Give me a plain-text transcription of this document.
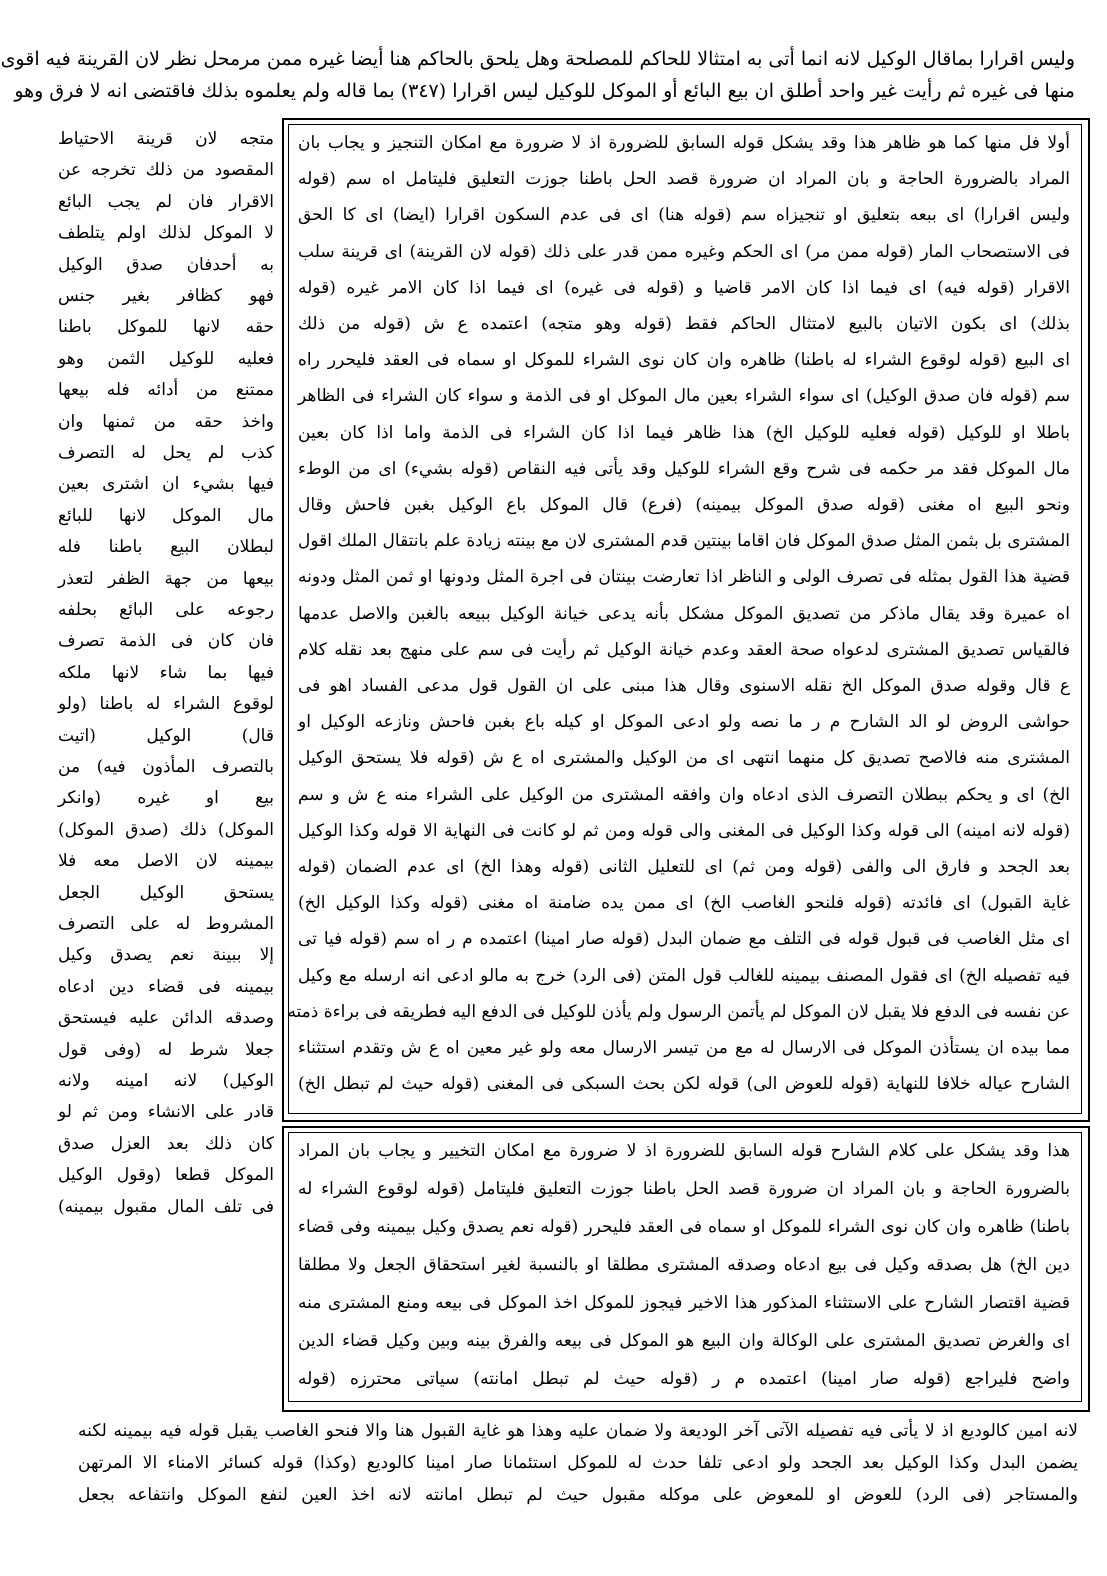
وليس اقرارا بماقال الوكيل لانه انما أتى به امتثالا للحاكم للمصلحة وهل يلحق بالحاكم هنا أيضا غيره ممن مرمحل نظر لان القرينة فيه اقوى
منها فى غيره ثم رأيت غير واحد أطلق ان بيع البائع أو الموكل للوكيل ليس اقرارا (٣٤٧) بما قاله ولم يعلموه بذلك فاقتضى انه لا فرق وهو
أولا فل منها كما هو ظاهر هذا وقد يشكل قوله السابق للضرورة اذ لا ضرورة مع امكان التنجيز و يجاب بان
المراد بالضرورة الحاجة و بان المراد ان ضرورة قصد الحل باطنا جوزت التعليق فليتامل اه سم (قوله
وليس اقرارا) اى ببعه بتعليق او تنجيزاه سم (قوله هنا) اى فى عدم السكون اقرارا (ايضا) اى كا الحق
فى الاستصحاب المار (قوله ممن مر) اى الحكم وغيره ممن قدر على ذلك (قوله لان القرينة) اى قرينة سلب
الاقرار (قوله فيه) اى فيما اذا كان الامر قاضيا و (قوله فى غيره) اى فيما اذا كان الامر غيره (قوله
بذلك) اى بكون الاتيان بالبيع لامتثال الحاكم فقط (قوله وهو متجه) اعتمده ع ش (قوله من ذلك
اى البيع (قوله لوقوع الشراء له باطنا) ظاهره وان كان نوى الشراء للموكل او سماه فى العقد فليحرر راه
سم (قوله فان صدق الوكيل) اى سواء الشراء بعين مال الموكل او فى الذمة و سواء كان الشراء فى الظاهر
باطلا او للوكيل (قوله فعليه للوكيل الخ) هذا ظاهر فيما اذا كان الشراء فى الذمة واما اذا كان بعين
مال الموكل فقد مر حكمه فى شرح وقع الشراء للوكيل وقد يأتى فيه النقاص (قوله بشيء) اى من الوطء
ونحو البيع اه مغنى (قوله صدق الموكل بيمينه) (فرع) قال الموكل باع الوكيل بغبن فاحش وقال
المشترى بل بثمن المثل صدق الموكل فان اقاما بينتين قدم المشترى لان مع بينته زيادة علم بانتقال الملك اقول
قضية هذا القول بمثله فى تصرف الولى و الناظر اذا تعارضت بينتان فى اجرة المثل ودونها او ثمن المثل ودونه
اه عميرة وقد يقال ماذكر من تصديق الموكل مشكل بأنه يدعى خيانة الوكيل ببيعه بالغبن والاصل عدمها
فالقياس تصديق المشترى لدعواه صحة العقد وعدم خيانة الوكيل ثم رأيت فى سم على منهج بعد نقله كلام
ع قال وقوله صدق الموكل الخ نقله الاسنوى وقال هذا مبنى على ان القول قول مدعى الفساد اهو فى
حواشى الروض لو الد الشارح م ر ما نصه ولو ادعى الموكل او كيله باع بغبن فاحش ونازعه الوكيل او
المشترى منه فالاصح تصديق كل منهما انتهى اى من الوكيل والمشترى اه ع ش (قوله فلا يستحق الوكيل
الخ) اى و يحكم ببطلان التصرف الذى ادعاه وان وافقه المشترى من الوكيل على الشراء منه ع ش و سم
(قوله لانه امينه) الى قوله وكذا الوكيل فى المغنى والى قوله ومن ثم لو كانت فى النهاية الا قوله وكذا الوكيل
بعد الجحد و فارق الى والفى (قوله ومن ثم) اى للتعليل الثانى (قوله وهذا الخ) اى عدم الضمان (قوله
غاية القبول) اى فائدته (قوله فلنحو الغاصب الخ) اى ممن يده ضامنة اه مغنى (قوله وكذا الوكيل الخ)
اى مثل الغاصب فى قبول قوله فى التلف مع ضمان البدل (قوله صار امينا) اعتمده م ر اه سم (قوله فيا تى
فيه تفصيله الخ) اى فقول المصنف بيمينه للغالب قول المتن (فى الرد) خرج به مالو ادعى انه ارسله مع وكيل
عن نفسه فى الدفع فلا يقبل لان الموكل لم يأتمن الرسول ولم يأذن للوكيل فى الدفع اليه فطريقه فى براءة ذمته
مما بيده ان يستأذن الموكل فى الارسال له مع من تيسر الارسال معه ولو غير معين اه ع ش وتقدم استثناء
الشارح عياله خلافا للنهاية (قوله للعوض الى) قوله لكن بحث السبكى فى المغنى (قوله حيث لم تبطل الخ)
هذا وقد يشكل على كلام الشارح قوله السابق للضرورة اذ لا ضرورة مع امكان التخيير و يجاب بان المراد
بالضرورة الحاجة و بان المراد ان ضرورة قصد الحل باطنا جوزت التعليق فليتامل (قوله لوقوع الشراء له
باطنا) ظاهره وان كان نوى الشراء للموكل او سماه فى العقد فليحرر (قوله نعم يصدق وكيل بيمينه وفى قضاء
دين الخ) هل بصدقه وكيل فى بيع ادعاه وصدقه المشترى مطلقا او بالنسبة لغير استحقاق الجعل ولا مطلقا
قضية اقتصار الشارح على الاستثناء المذكور هذا الاخير فيجوز للموكل اخذ الموكل فى بيعه ومنع المشترى منه
اى والغرض تصديق المشترى على الوكالة وان البيع هو الموكل فى بيعه والفرق بينه وبين وكيل قضاء الدين
واضح فليراجع (قوله صار امينا) اعتمده م ر (قوله حيث لم تبطل امانته) سياتى محترزه (قوله
متجه لان قرينة الاحتياط
المقصود من ذلك تخرجه عن
الاقرار فان لم يجب البائع
لا الموكل لذلك اولم يتلطف
به أحدفان صدق الوكيل
فهو كظافر بغير جنس
حقه لانها للموكل باطنا
فعليه للوكيل الثمن وهو
ممتنع من أدائه فله بيعها
واخذ حقه من ثمنها وان
كذب لم يحل له التصرف
فيها بشيء ان اشترى بعين
مال الموكل لانها للبائع
لبطلان البيع باطنا فله
بيعها من جهة الظفر لتعذر
رجوعه على البائع بحلفه
فان كان فى الذمة تصرف
فيها بما شاء لانها ملكه
لوقوع الشراء له باطنا (ولو
قال) الوكيل (اتيت
بالتصرف المأذون فيه) من
بيع او غيره (وانكر
الموكل) ذلك (صدق الموكل)
بيمينه لان الاصل معه فلا
يستحق الوكيل الجعل
المشروط له على التصرف
إلا ببينة نعم يصدق وكيل
بيمينه فى قضاء دين ادعاه
وصدقه الدائن عليه فيستحق
جعلا شرط له (وفى قول
الوكيل) لانه امينه ولانه
قادر على الانشاء ومن ثم لو
كان ذلك بعد العزل صدق
الموكل قطعا (وقول الوكيل
فى تلف المال مقبول بيمينه)
لانه امين كالوديع اذ لا يأتى فيه تفصيله الآتى آخر الوديعة ولا ضمان عليه وهذا هو غاية القبول هنا والا فنحو الغاصب يقبل قوله فيه بيمينه لكنه
يضمن البدل وكذا الوكيل بعد الجحد ولو ادعى تلفا حدث له للموكل استئمانا صار امينا كالوديع (وكذا) قوله كسائر الامناء الا المرتهن
والمستاجر (فى الرد) للعوض او للمعوض على موكله مقبول حيث لم تبطل امانته لانه اخذ العين لنفع الموكل وانتفاعه بجعل
